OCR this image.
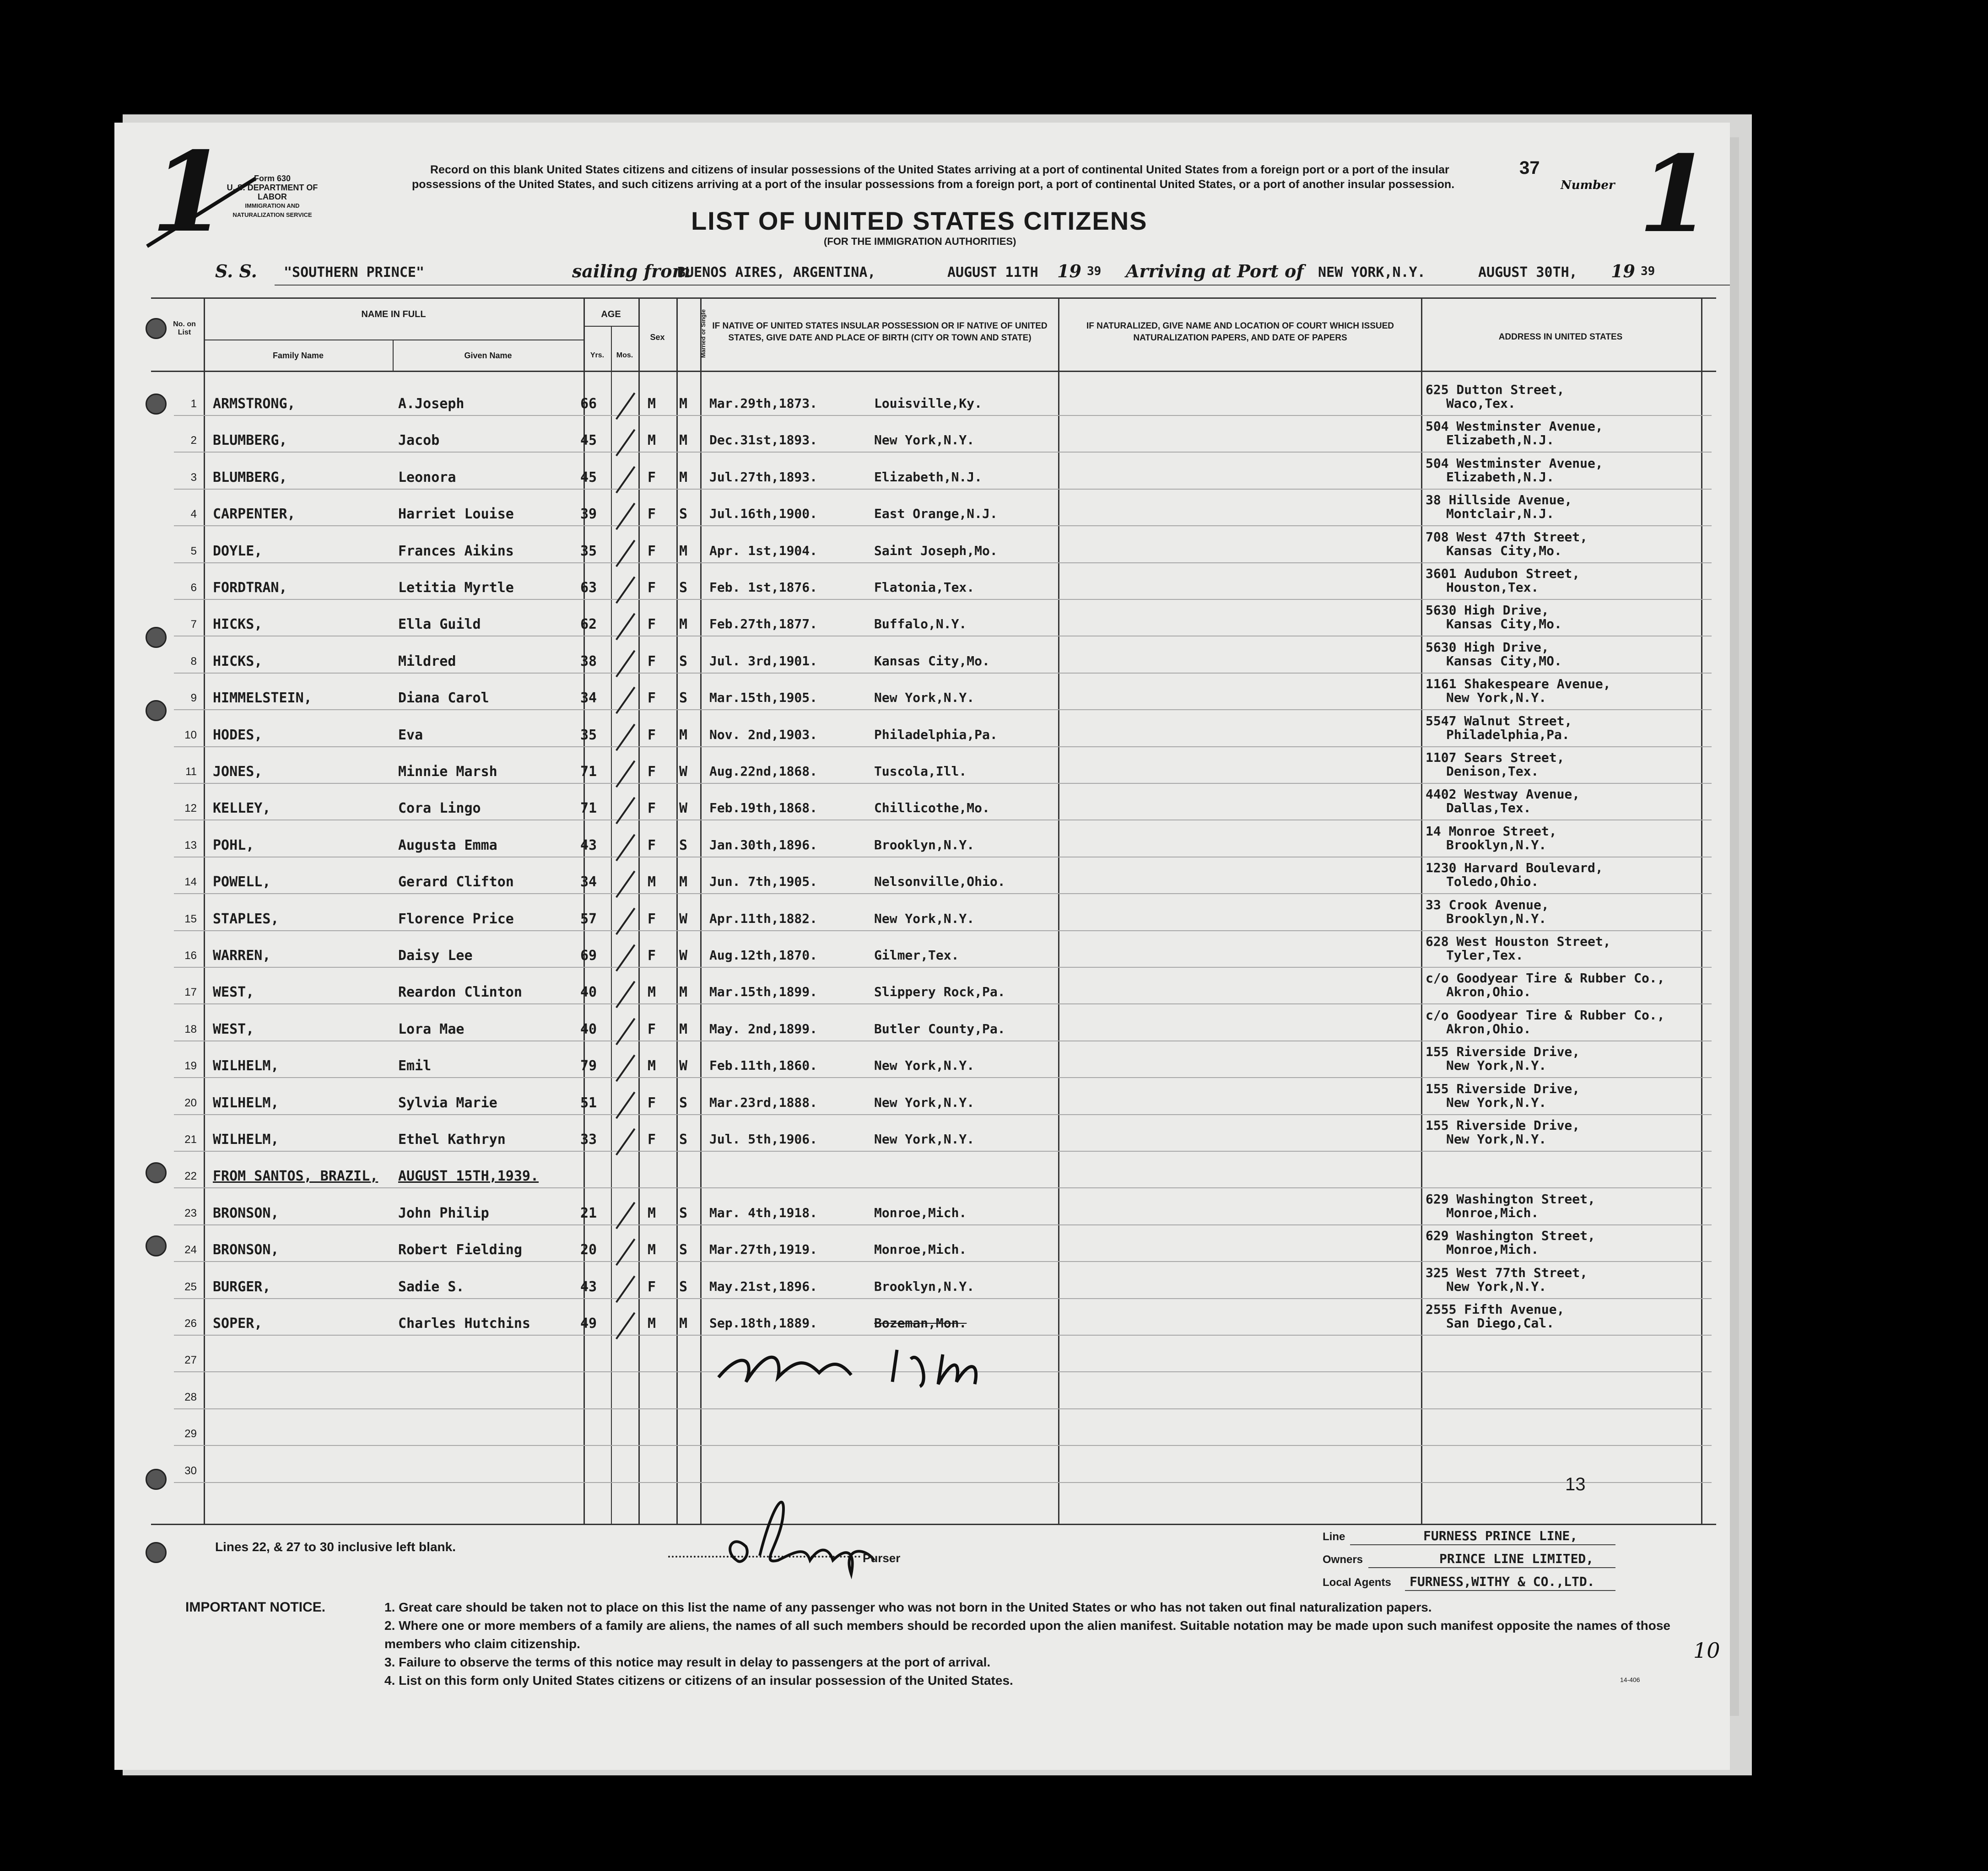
1	Form 630
U. S. DEPARTMENT OF LABOR
IMMIGRATION AND NATURALIZATION SERVICE
Record on this blank United States citizens and citizens of insular possessions of the United States arriving at a port of continental United States from a foreign port or a port of the insular possessions of the United States, and such citizens arriving at a port of the insular possessions from a foreign port, a port of continental United States, or a port of another insular possession.
37
Number 1
LIST OF UNITED STATES CITIZENS
(FOR THE IMMIGRATION AUTHORITIES)
S. S. "SOUTHERN PRINCE"	sailing from
BUENOS AIRES, ARGENTINA,	AUGUST 11TH 19 39 Arriving at Port of NEW YORK,N.Y.	AUGUST 30TH, 19 39
No. on List
NAME IN FULL
Family Name	Given Name
AGE
Yrs.	Mos.
Sex	Married or Single IF NATIVE OF UNITED STATES INSULAR POSSESSION OR IF NATIVE OF UNITED STATES, GIVE DATE AND PLACE OF BIRTH (CITY OR TOWN AND STATE)
IF NATURALIZED, GIVE NAME AND LOCATION OF COURT WHICH ISSUED NATURALIZATION PAPERS, AND DATE OF PAPERS	ADDRESS IN UNITED STATES
1 ARMSTRONG,	A.Joseph	66	M M Mar.29th,1873.	Louisville,Ky.
625 Dutton Street,
Waco,Tex.
2 BLUMBERG,	Jacob	45	M M Dec.31st,1893.	New York,N.Y.
504 Westminster Avenue,
Elizabeth,N.J.
3 BLUMBERG,	Leonora	45	F M Jul.27th,1893.	Elizabeth,N.J.
504 Westminster Avenue,
Elizabeth,N.J.
4 CARPENTER,	Harriet Louise	39	F S Jul.16th,1900.	East Orange,N.J.
38 Hillside Avenue,
Montclair,N.J.
5 DOYLE,	Frances Aikins	35	F M Apr. 1st,1904.	Saint Joseph,Mo.
708 West 47th Street,
Kansas City,Mo.
6 FORDTRAN,	Letitia Myrtle	63	F S Feb. 1st,1876.	Flatonia,Tex.
3601 Audubon Street,
Houston,Tex.
7 HICKS,	Ella Guild	62	F M Feb.27th,1877.	Buffalo,N.Y.
5630 High Drive,
Kansas City,Mo.
8 HICKS,	Mildred	38	F S Jul. 3rd,1901.	Kansas City,Mo.
5630 High Drive,
Kansas City,MO.
9 HIMMELSTEIN,	Diana Carol	34	F S Mar.15th,1905.	New York,N.Y.
1161 Shakespeare Avenue,
New York,N.Y.
10 HODES,	Eva	35	F M Nov. 2nd,1903.	Philadelphia,Pa.
5547 Walnut Street,
Philadelphia,Pa.
11 JONES,	Minnie Marsh	71	F W Aug.22nd,1868.	Tuscola,Ill.
1107 Sears Street,
Denison,Tex.
12 KELLEY,	Cora Lingo	71	F W Feb.19th,1868.	Chillicothe,Mo.
4402 Westway Avenue,
Dallas,Tex.
13 POHL,	Augusta Emma	43	F S Jan.30th,1896.	Brooklyn,N.Y.
14 Monroe Street,
Brooklyn,N.Y.
14 POWELL,	Gerard Clifton	34	M M Jun. 7th,1905.	Nelsonville,Ohio.
1230 Harvard Boulevard,
Toledo,Ohio.
15 STAPLES,	Florence Price	57	F W Apr.11th,1882.	New York,N.Y.
33 Crook Avenue,
Brooklyn,N.Y.
16 WARREN,	Daisy Lee	69	F W Aug.12th,1870.	Gilmer,Tex.
628 West Houston Street,
Tyler,Tex.
17 WEST,	Reardon Clinton	40	M M Mar.15th,1899.	Slippery Rock,Pa.
c/o Goodyear Tire & Rubber Co.,
Akron,Ohio.
18 WEST,	Lora Mae	40	F M May. 2nd,1899.	Butler County,Pa.
c/o Goodyear Tire & Rubber Co.,
Akron,Ohio.
19 WILHELM,	Emil	79	M W Feb.11th,1860.	New York,N.Y.
155 Riverside Drive,
New York,N.Y.
20 WILHELM,	Sylvia Marie	51	F S Mar.23rd,1888.	New York,N.Y.
155 Riverside Drive,
New York,N.Y.
21 WILHELM,	Ethel Kathryn	33	F S Jul. 5th,1906.	New York,N.Y.
155 Riverside Drive,
New York,N.Y.
22 FROM SANTOS, BRAZIL, AUGUST 15TH,1939.
23 BRONSON,	John Philip	21	M S Mar. 4th,1918.	Monroe,Mich.
629 Washington Street,
Monroe,Mich.
24 BRONSON,	Robert Fielding	20	M S Mar.27th,1919.	Monroe,Mich.
629 Washington Street,
Monroe,Mich.
25 BURGER,	Sadie S.	43	F S May.21st,1896.	Brooklyn,N.Y.
325 West 77th Street,
New York,N.Y.
26 SOPER,	Charles Hutchins	49	M M Sep.18th,1889.	Bozeman,Mon.
2555 Fifth Avenue,
San Diego,Cal.
27
28
29
30
13
10
Lines 22, & 27 to 30 inclusive left blank.
Purser
Line	FURNESS PRINCE LINE,
Owners	PRINCE LINE LIMITED,
Local Agents FURNESS,WITHY & CO.,LTD.
IMPORTANT NOTICE.	1. Great care should be taken not to place on this list the name of any passenger who was not born in the United States or who has not taken out final naturalization papers.
2. Where one or more members of a family are aliens, the names of all such members should be recorded upon the alien manifest. Suitable notation may be made upon such manifest opposite the names of those members who claim citizenship.
3. Failure to observe the terms of this notice may result in delay to passengers at the port of arrival.
4. List on this form only United States citizens or citizens of an insular possession of the United States.	14-406
